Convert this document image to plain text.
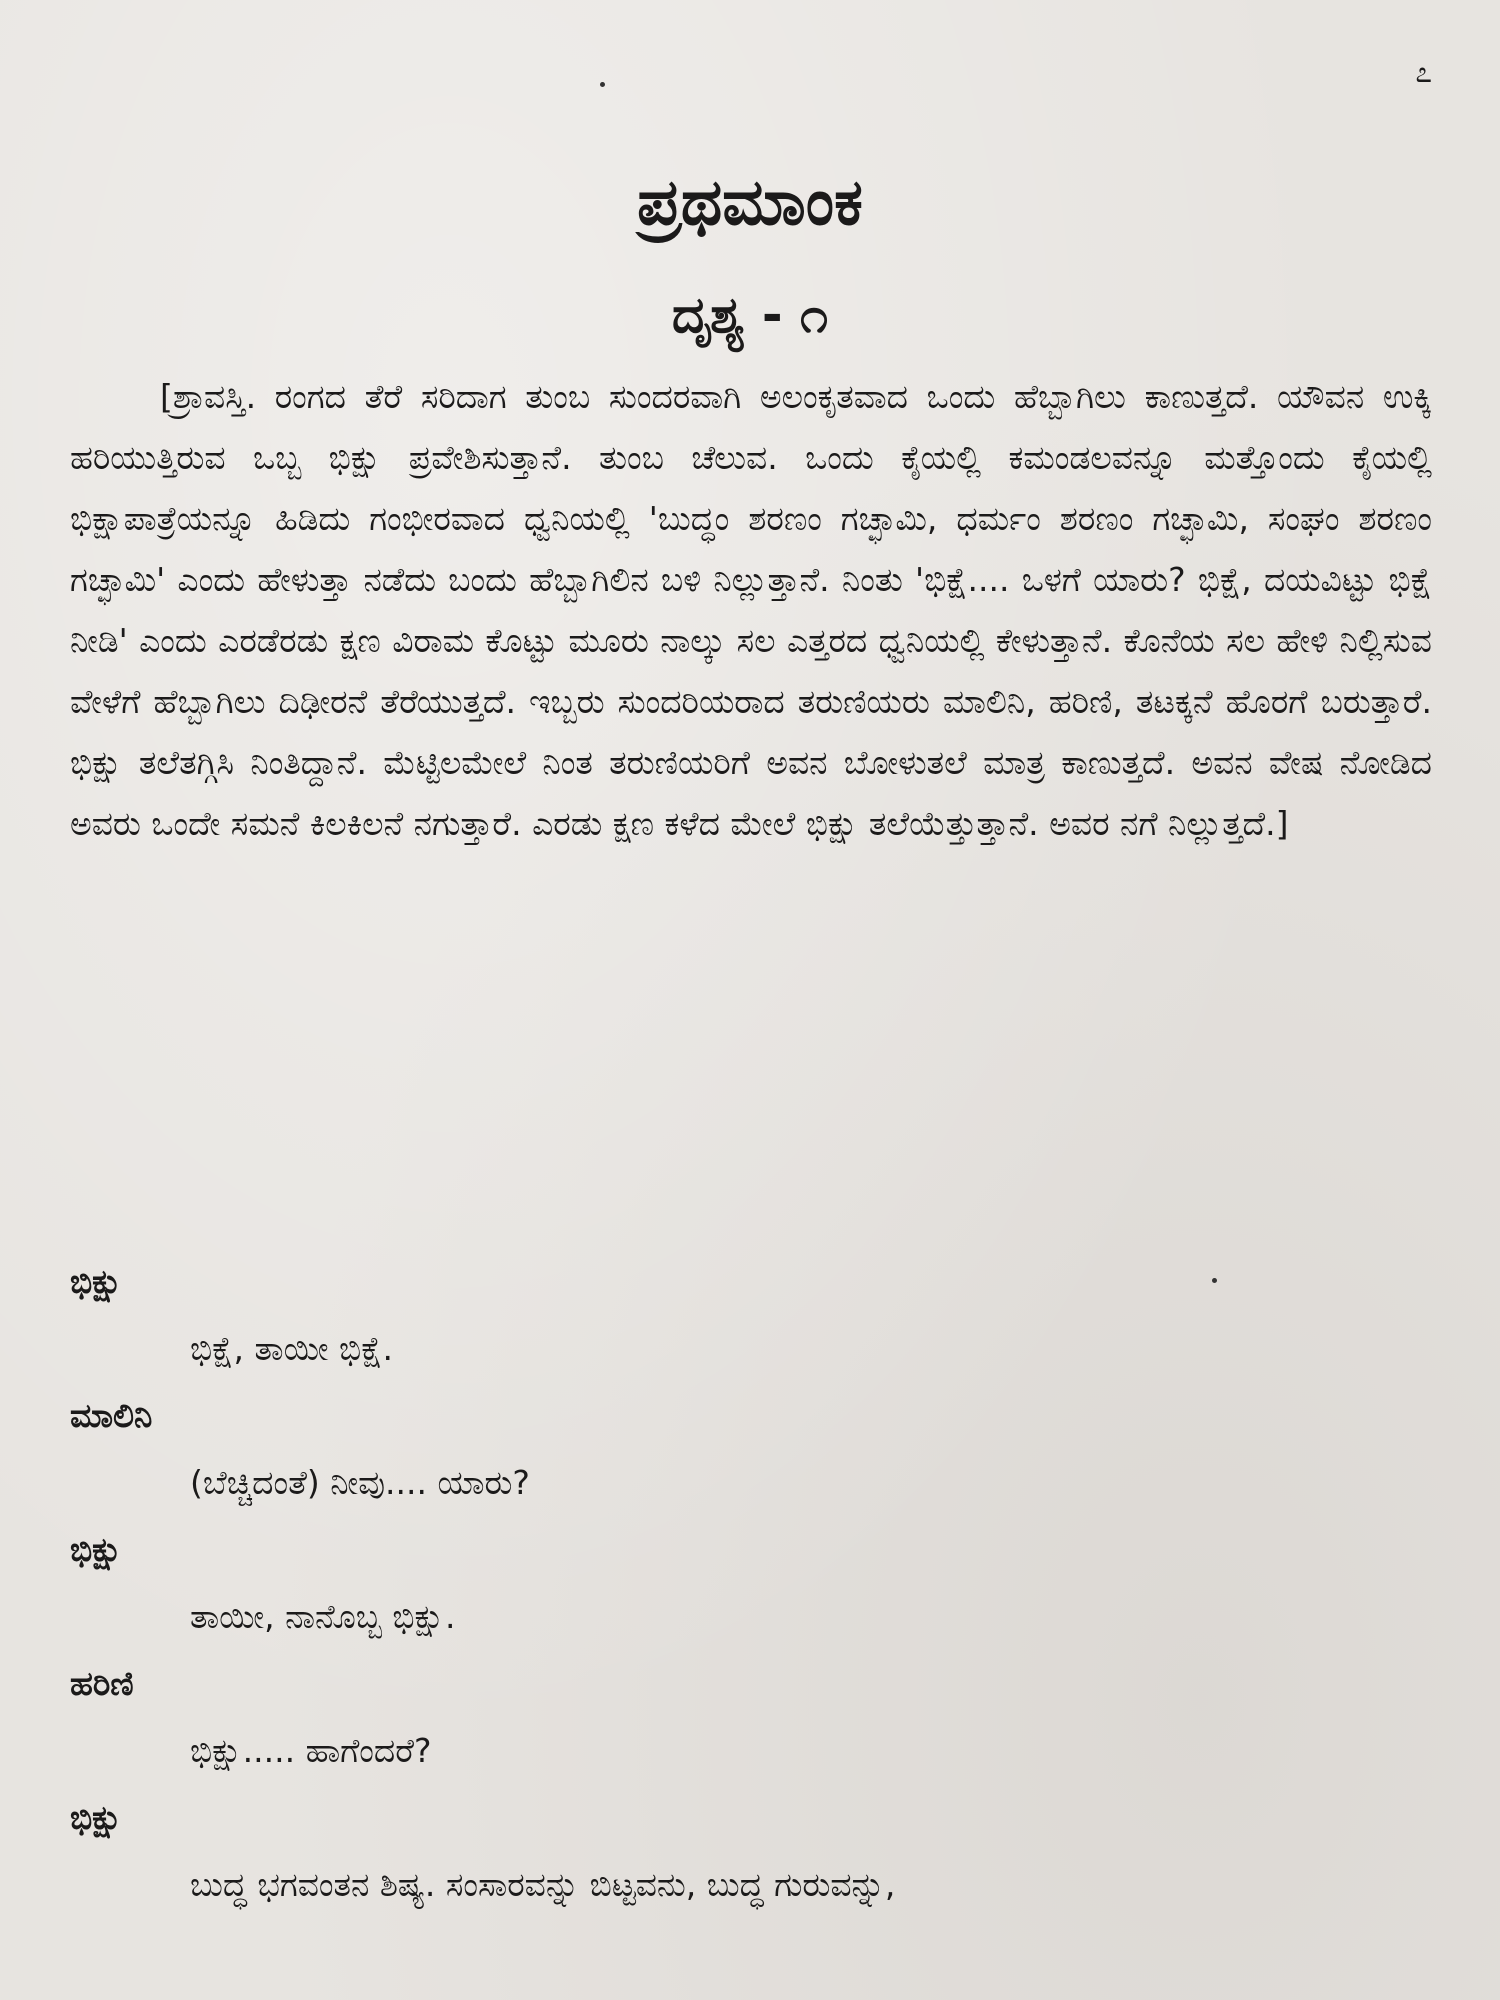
೭
ಪ್ರಥಮಾಂಕ
ದೃಶ್ಯ - ೧

[ಶ್ರಾವಸ್ತಿ. ರಂಗದ ತೆರೆ ಸರಿದಾಗ ತುಂಬ ಸುಂದರವಾಗಿ ಅಲಂಕೃತವಾದ ಒಂದು ಹೆಬ್ಬಾಗಿಲು ಕಾಣುತ್ತದೆ. ಯೌವನ ಉಕ್ಕಿ ಹರಿಯುತ್ತಿರುವ ಒಬ್ಬ ಭಿಕ್ಷು ಪ್ರವೇಶಿಸುತ್ತಾನೆ. ತುಂಬ ಚೆಲುವ. ಒಂದು ಕೈಯಲ್ಲಿ ಕಮಂಡಲವನ್ನೂ ಮತ್ತೊಂದು ಕೈಯಲ್ಲಿ ಭಿಕ್ಷಾಪಾತ್ರೆಯನ್ನೂ ಹಿಡಿದು ಗಂಭೀರವಾದ ಧ್ವನಿಯಲ್ಲಿ 'ಬುದ್ಧಂ ಶರಣಂ ಗಚ್ಛಾಮಿ, ಧರ್ಮಂ ಶರಣಂ ಗಚ್ಛಾಮಿ, ಸಂಘಂ ಶರಣಂ ಗಚ್ಛಾಮಿ' ಎಂದು ಹೇಳುತ್ತಾ ನಡೆದು ಬಂದು ಹೆಬ್ಬಾಗಿಲಿನ ಬಳಿ ನಿಲ್ಲುತ್ತಾನೆ. ನಿಂತು 'ಭಿಕ್ಷೆ.... ಒಳಗೆ ಯಾರು? ಭಿಕ್ಷೆ, ದಯವಿಟ್ಟು ಭಿಕ್ಷೆ ನೀಡಿ' ಎಂದು ಎರಡೆರಡು ಕ್ಷಣ ವಿರಾಮ ಕೊಟ್ಟು ಮೂರು ನಾಲ್ಕು ಸಲ ಎತ್ತರದ ಧ್ವನಿಯಲ್ಲಿ ಕೇಳುತ್ತಾನೆ. ಕೊನೆಯ ಸಲ ಹೇಳಿ ನಿಲ್ಲಿಸುವ ವೇಳೆಗೆ ಹೆಬ್ಬಾಗಿಲು ದಿಢೀರನೆ ತೆರೆಯುತ್ತದೆ. ಇಬ್ಬರು ಸುಂದರಿಯರಾದ ತರುಣಿಯರು ಮಾಲಿನಿ, ಹರಿಣಿ, ತಟಕ್ಕನೆ ಹೊರಗೆ ಬರುತ್ತಾರೆ. ಭಿಕ್ಷು ತಲೆತಗ್ಗಿಸಿ ನಿಂತಿದ್ದಾನೆ. ಮೆಟ್ಟಿಲಮೇಲೆ ನಿಂತ ತರುಣಿಯರಿಗೆ ಅವನ ಬೋಳುತಲೆ ಮಾತ್ರ ಕಾಣುತ್ತದೆ. ಅವನ ವೇಷ ನೋಡಿದ ಅವರು ಒಂದೇ ಸಮನೆ ಕಿಲಕಿಲನೆ ನಗುತ್ತಾರೆ. ಎರಡು ಕ್ಷಣ ಕಳೆದ ಮೇಲೆ ಭಿಕ್ಷು ತಲೆಯೆತ್ತುತ್ತಾನೆ. ಅವರ ನಗೆ ನಿಲ್ಲುತ್ತದೆ.]

ಭಿಕ್ಷು
ಭಿಕ್ಷೆ, ತಾಯೀ ಭಿಕ್ಷೆ.
ಮಾಲಿನಿ
(ಬೆಚ್ಚಿದಂತೆ) ನೀವು.... ಯಾರು?
ಭಿಕ್ಷು
ತಾಯೀ, ನಾನೊಬ್ಬ ಭಿಕ್ಷು.
ಹರಿಣಿ
ಭಿಕ್ಷು..... ಹಾಗೆಂದರೆ?
ಭಿಕ್ಷು
ಬುದ್ಧ ಭಗವಂತನ ಶಿಷ್ಯ. ಸಂಸಾರವನ್ನು ಬಿಟ್ಟವನು, ಬುದ್ಧ ಗುರುವನ್ನು,
